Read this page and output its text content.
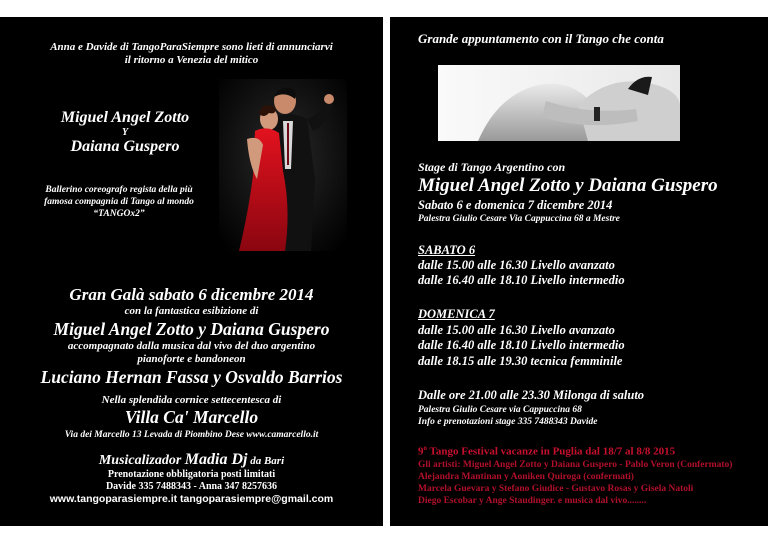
Anna e Davide di TangoParaSiempre sono lieti di annunciarvi
il ritorno a Venezia del mitico
Miguel Angel Zotto
Y
Daiana Guspero
Ballerino coreografo regista della più
famosa compagnia di Tango al mondo
“TANGOx2”
Gran Galà sabato 6 dicembre 2014
con la fantastica esibizione di
Miguel Angel Zotto y Daiana Guspero
accompagnato dalla musica dal vivo del duo argentino
pianoforte e bandoneon
Luciano Hernan Fassa y Osvaldo Barrios
Nella splendida cornice settecentesca di
Villa Ca' Marcello
Via dei Marcello 13 Levada di Piombino Dese www.camarcello.it
Musicalizador Madia Dj da Bari
Prenotazione obbligatoria posti limitati
Davide 335 7488343 - Anna 347 8257636
www.tangoparasiempre.it tangoparasiempre@gmail.com
Grande appuntamento con il Tango che conta
Stage di Tango Argentino con
Miguel Angel Zotto y Daiana Guspero
Sabato 6 e domenica 7 dicembre 2014
Palestra Giulio Cesare Via Cappuccina 68 a Mestre
SABATO 6
dalle 15.00 alle 16.30 Livello avanzato
dalle 16.40 alle 18.10 Livello intermedio
DOMENICA 7
dalle 15.00 alle 16.30 Livello avanzato
dalle 16.40 alle 18.10 Livello intermedio
dalle 18.15 alle 19.30 tecnica femminile
Dalle ore 21.00 alle 23.30 Milonga di saluto
Palestra Giulio Cesare via Cappuccina 68
Info e prenotazioni stage 335 7488343 Davide
9$^o$ Tango Festival vacanze in Puglia dal 18/7 al 8/8 2015
Gli artisti: Miguel Angel Zotto y Daiana Guspero - Pablo Veron (Confermato)
Alejandra Mantinan y Aoniken Quiroga (confermati)
Marcela Guevara y Stefano Giudice - Gustavo Rosas y Gisela Natoli
Diego Escobar y Ange Staudinger. e musica dal vivo........
